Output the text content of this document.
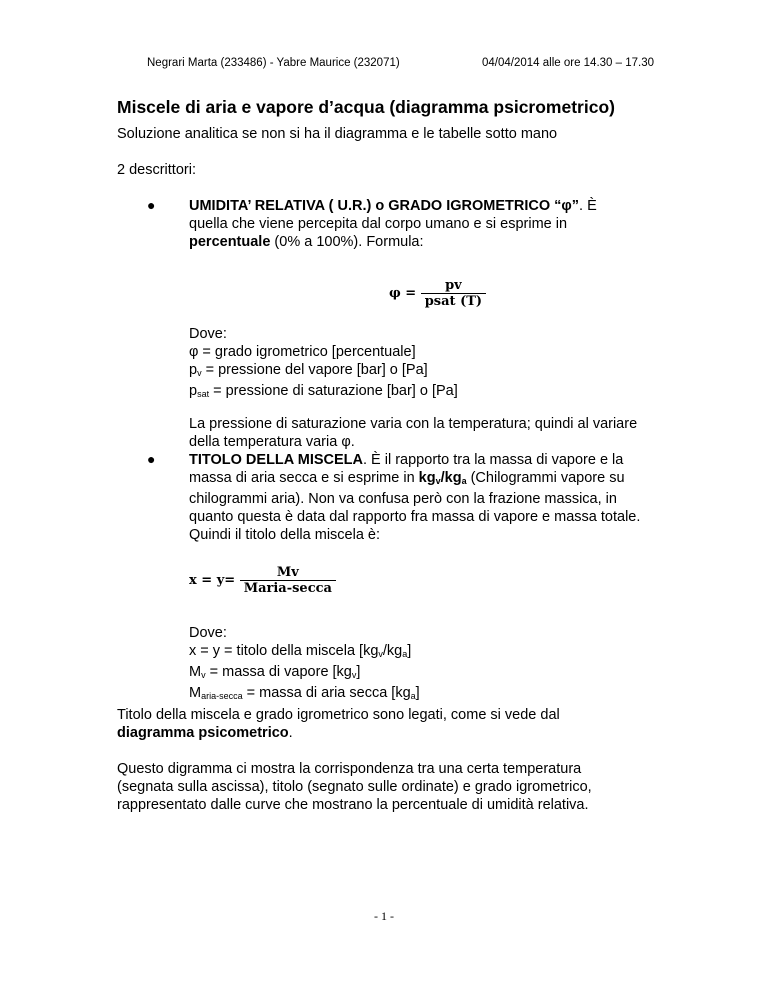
Negrari Marta (233486) - Yabre Maurice (232071)	04/04/2014 alle ore 14.30 – 17.30
Miscele di aria e vapore d’acqua (diagramma psicrometrico)
Soluzione analitica se non si ha il diagramma e le tabelle sotto mano
2 descrittori:
● UMIDITA’ RELATIVA ( U.R.) o GRADO IGROMETRICO “φ”. È
quella che viene percepita dal corpo umano e si esprime in
percentuale (0% a 100%). Formula:
$\varphi = \frac{pv}{\text{psat (T)}}$
Dove:
φ = grado igrometrico [percentuale]
$p_v$ = pressione del vapore [bar] o [Pa]
$p_{sat}$ = pressione di saturazione [bar] o [Pa]
La pressione di saturazione varia con la temperatura; quindi al variare
della temperatura varia φ.
● TITOLO DELLA MISCELA. È il rapporto tra la massa di vapore e la
massa di aria secca e si esprime in $kg_v/kg_a$ (Chilogrammi vapore su
chilogrammi aria). Non va confusa però con la frazione massica, in
quanto questa è data dal rapporto fra massa di vapore e massa totale.
Quindi il titolo della miscela è:
$x = y= \frac{Mv}{\text{Maria-secca}}$
Dove:
x = y = titolo della miscela $[kg_v/kg_a]$
$M_v$ = massa di vapore $[kg_v]$
$M_{aria-secca}$ = massa di aria secca $[kg_a]$
Titolo della miscela e grado igrometrico sono legati, come si vede dal
diagramma psicometrico.
Questo digramma ci mostra la corrispondenza tra una certa temperatura
(segnata sulla ascissa), titolo (segnato sulle ordinate) e grado igrometrico,
rappresentato dalle curve che mostrano la percentuale di umidità relativa.
- 1 -
